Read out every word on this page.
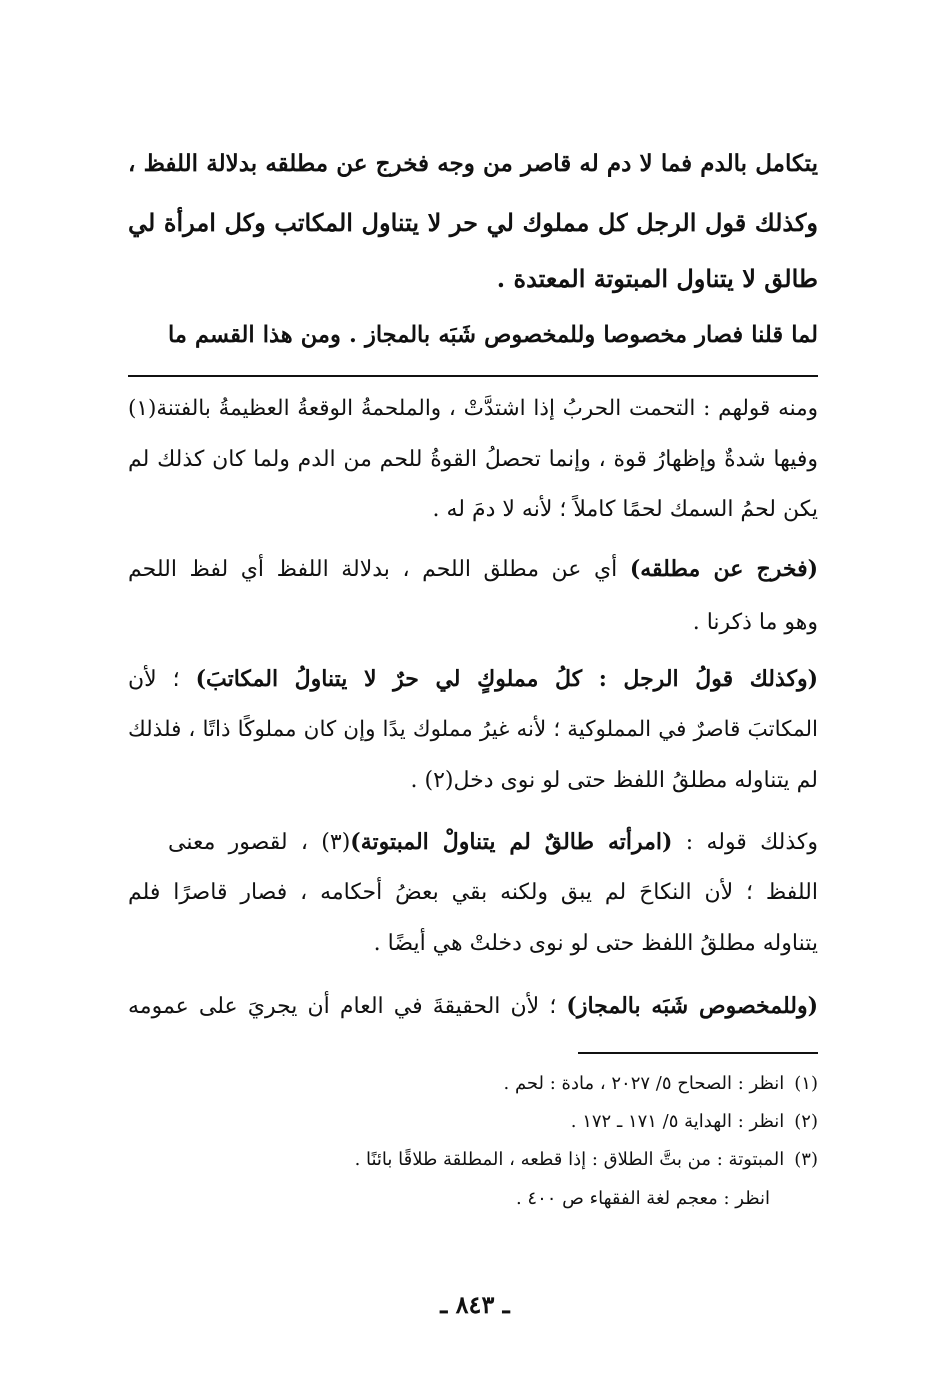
يتكامل بالدم فما لا دم له قاصر من وجه فخرج عن مطلقه بدلالة اللفظ ،
وكذلك قول الرجل كل مملوك لي حر لا يتناول المكاتب وكل امرأة لي
طالق لا يتناول المبتوتة المعتدة .
لما قلنا فصار مخصوصا وللمخصوص شَبَه بالمجاز . ومن هذا القسم ما
ومنه قولهم : التحمت الحربُ إذا اشتدَّتْ ، والملحمةُ الوقعةُ العظيمةُ بالفتنة(١)
وفيها شدةٌ وإظهارُ قوة ، وإنما تحصلُ القوةُ للحم من الدم ولما كان كذلك لم
يكن لحمُ السمك لحمًا كاملاً ؛ لأنه لا دمَ له .
(فخرج عن مطلقه) أي عن مطلق اللحم ، بدلالة اللفظ أي لفظ اللحم
وهو ما ذكرنا .
(وكذلك قولُ الرجل : كلُ مملوكٍ لي حرٌ لا يتناولُ المكاتبَ) ؛ لأن
المكاتبَ قاصرٌ في المملوكية ؛ لأنه غيرُ مملوك يدًا وإن كان مملوكًا ذاتًا ، فلذلك
لم يتناوله مطلقُ اللفظ حتى لو نوى دخل(٢) .
وكذلك قوله : (امرأته طالقٌ لم يتناولْ المبتوتة)(٣) ، لقصور معنى
اللفظ ؛ لأن النكاحَ لم يبق ولكنه بقي بعضُ أحكامه ، فصار قاصرًا فلم
يتناوله مطلقُ اللفظ حتى لو نوى دخلتْ هي أيضًا .
(وللمخصوص شَبَه بالمجاز) ؛ لأن الحقيقةَ في العام أن يجريَ على عمومه
(١)انظر : الصحاح ٥/ ٢٠٢٧ ، مادة : لحم .
(٢)انظر : الهداية ٥/ ١٧١ ـ ١٧٢ .
(٣)المبتوتة : من بتَّ الطلاق : إذا قطعه ، المطلقة طلاقًا بائنًا .
انظر : معجم لغة الفقهاء ص ٤٠٠ .
ـ ٨٤٣ ـ
